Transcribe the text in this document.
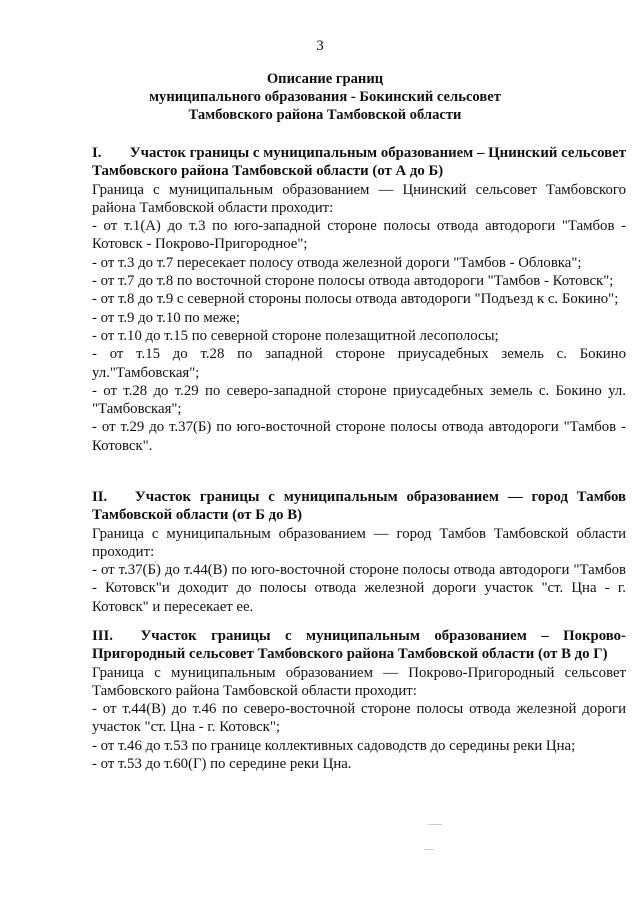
3
Описание границ
муниципального образования - Бокинский сельсовет
Тамбовского района Тамбовской области
I. Участок границы с муниципальным образованием – Цнинский сельсовет Тамбовского района Тамбовской области (от А до Б)

Граница с муниципальным образованием — Цнинский сельсовет Тамбовского района Тамбовской области проходит:

- от т.1(А) до т.3 по юго-западной стороне полосы отвода автодороги "Тамбов - Котовск - Покрово-Пригородное";

- от т.3 до т.7 пересекает полосу отвода железной дороги "Тамбов - Обловка";

- от т.7 до т.8 по восточной стороне полосы отвода автодороги "Тамбов - Котовск";

- от т.8 до т.9 с северной стороны полосы отвода автодороги "Подъезд к с. Бокино";

- от т.9 до т.10 по меже;

- от т.10 до т.15 по северной стороне полезащитной лесополосы;

- от т.15 до т.28 по западной стороне приусадебных земель с. Бокино ул."Тамбовская";

- от т.28 до т.29 по северо-западной стороне приусадебных земель с. Бокино ул. "Тамбовская";

- от т.29 до т.37(Б) по юго-восточной стороне полосы отвода автодороги "Тамбов - Котовск".

II. Участок границы с муниципальным образованием — город Тамбов Тамбовской области (от Б до В)

Граница с муниципальным образованием — город Тамбов Тамбовской области проходит:

- от т.37(Б) до т.44(В) по юго-восточной стороне полосы отвода автодороги "Тамбов - Котовск"и доходит до полосы отвода железной дороги участок "ст. Цна - г. Котовск" и пересекает ее.

III. Участок границы с муниципальным образованием – Покрово-Пригородный сельсовет Тамбовского района Тамбовской области (от В до Г)

Граница с муниципальным образованием — Покрово-Пригородный сельсовет Тамбовского района Тамбовской области проходит:

- от т.44(В) до т.46 по северо-восточной стороне полосы отвода железной дороги участок "ст. Цна - г. Котовск";

- от т.46 до т.53 по границе коллективных садоводств до середины реки Цна;

- от т.53 до т.60(Г) по середине реки Цна.
